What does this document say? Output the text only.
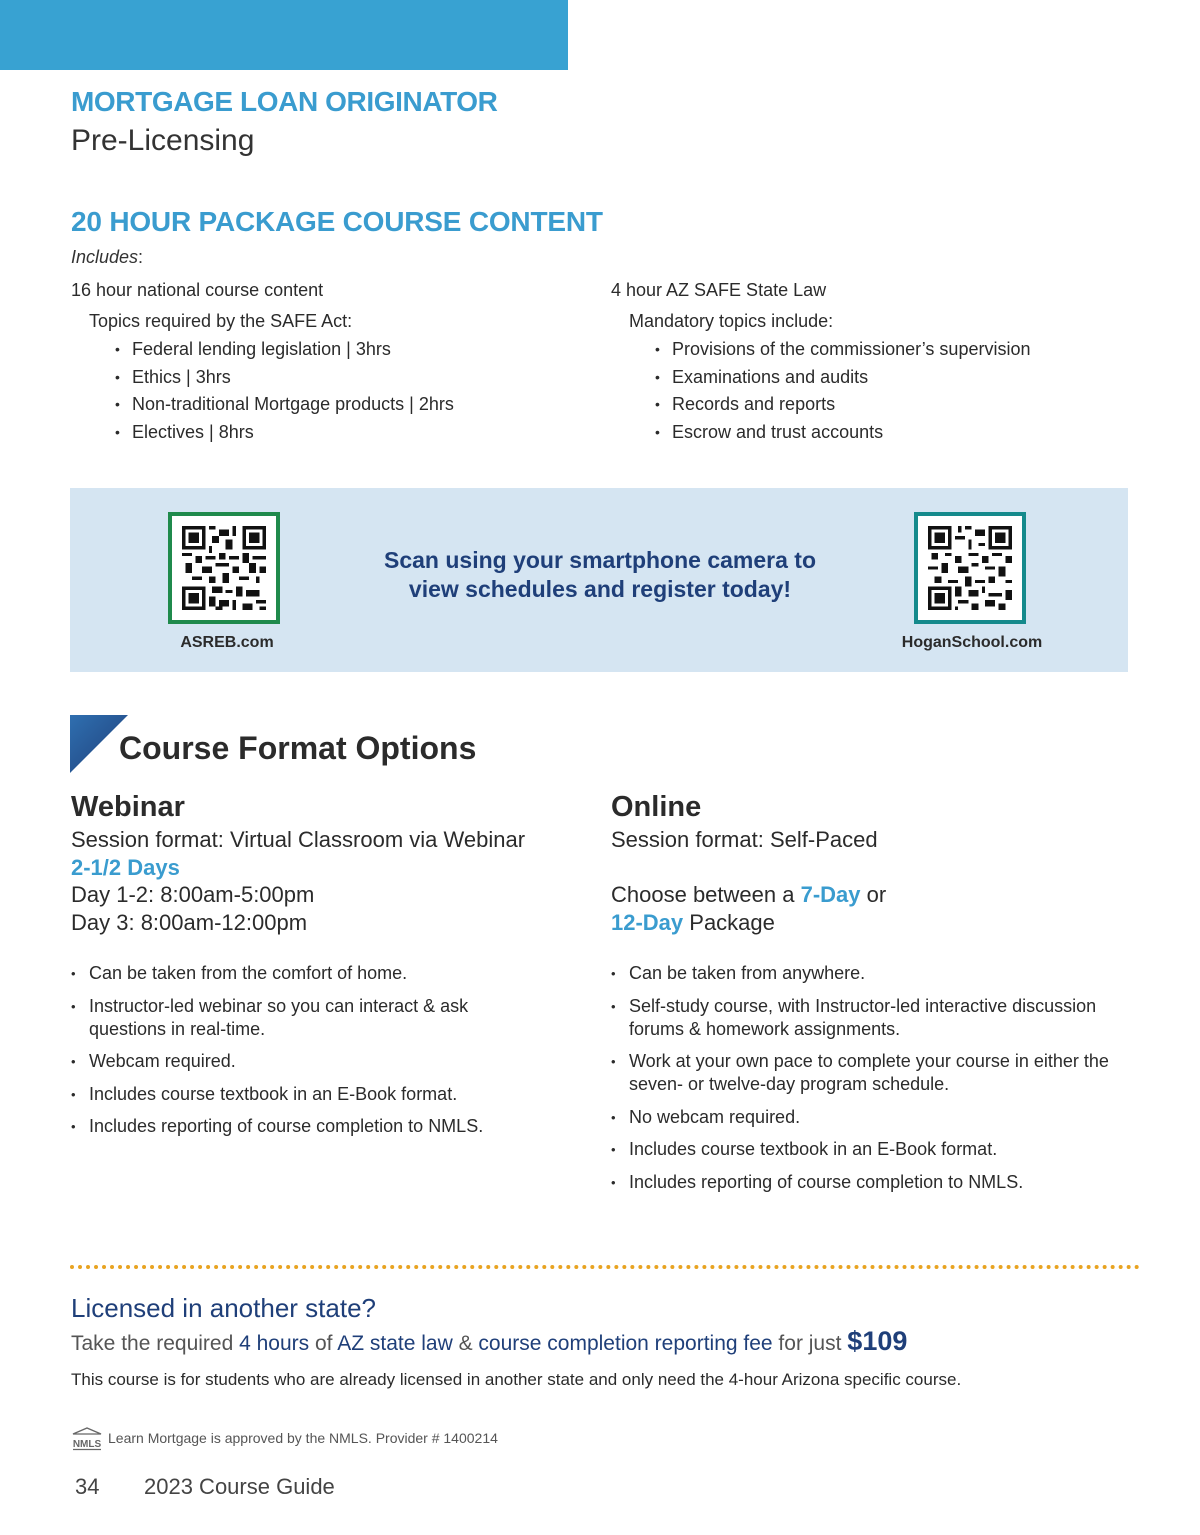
MORTGAGE LOAN ORIGINATOR
Pre-Licensing
20 HOUR PACKAGE COURSE CONTENT
Includes:
16 hour national course content
Topics required by the SAFE Act:
• Federal lending legislation | 3hrs
• Ethics | 3hrs
• Non-traditional Mortgage products | 2hrs
• Electives | 8hrs
4 hour AZ SAFE State Law
Mandatory topics include:
• Provisions of the commissioner’s supervision
• Examinations and audits
• Records and reports
• Escrow and trust accounts
ASREB.com
Scan using your smartphone camera to
view schedules and register today!
HoganSchool.com
Course Format Options
Webinar
Session format: Virtual Classroom via Webinar
2-1/2 Days
Day 1-2: 8:00am-5:00pm
Day 3: 8:00am-12:00pm
• Can be taken from the comfort of home.
• Instructor-led webinar so you can interact & ask questions in real-time.
• Webcam required.
• Includes course textbook in an E-Book format.
• Includes reporting of course completion to NMLS.
Online
Session format: Self-Paced
Choose between a 7-Day or
12-Day Package
• Can be taken from anywhere.
• Self-study course, with Instructor-led interactive discussion forums & homework assignments.
• Work at your own pace to complete your course in either the seven- or twelve-day program schedule.
• No webcam required.
• Includes course textbook in an E-Book format.
• Includes reporting of course completion to NMLS.
Licensed in another state?
Take the required 4 hours of AZ state law & course completion reporting fee for just $109
This course is for students who are already licensed in another state and only need the 4-hour Arizona specific course.
NMLS Learn Mortgage is approved by the NMLS. Provider # 1400214
34 2023 Course Guide
